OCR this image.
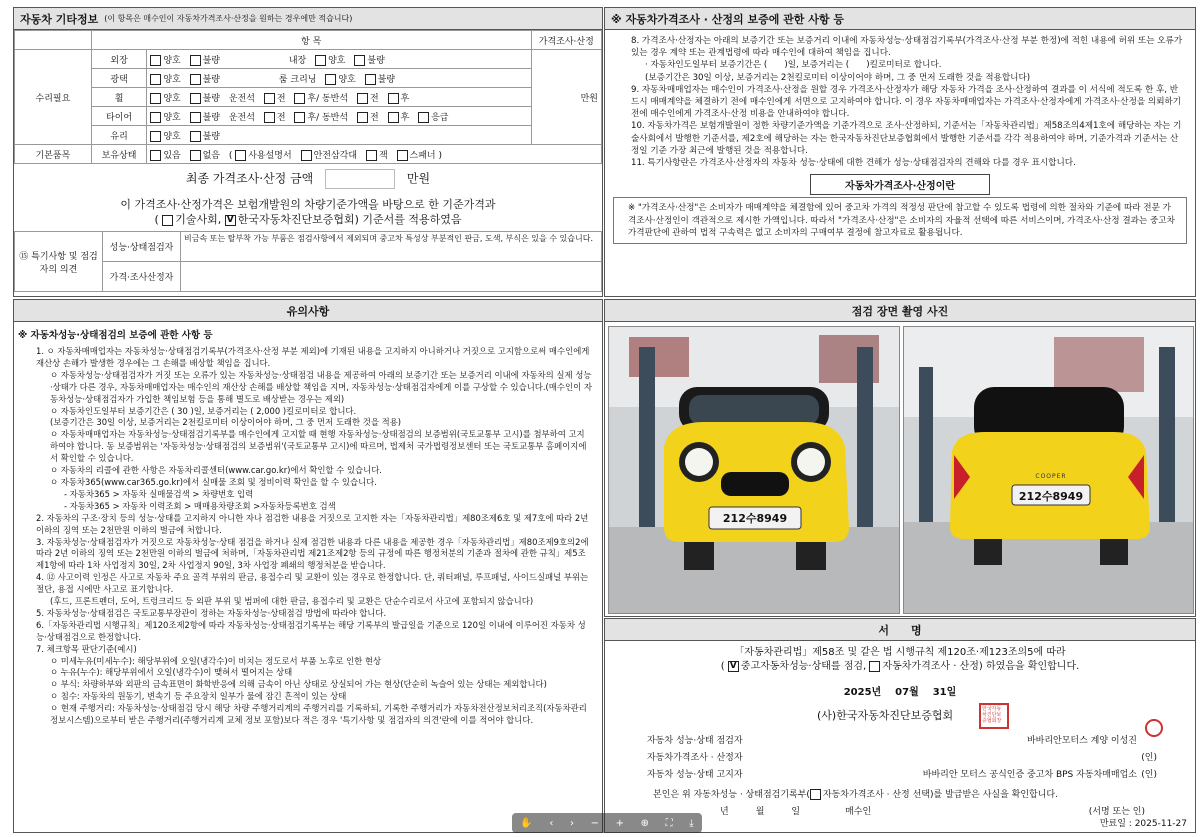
자동차 기타정보 (이 항목은 매수인이 자동차가격조사·산정을 원하는 경우에만 적습니다)
	항 목		가격조사·산정
수리필요	외장	양호 불량 내장 양호 불량	만원
	광택	양호 불량 룸 크리닝 양호 불량	
	휠	양호 불량 운전석 전 후/ 동반석 전 후	
	타이어	양호 불량 운전석 전 후/ 동반석 전 후 응급	
	유리	양호 불량	
기본품목	보유상태	있음 없음 ( 사용설명서 안전삼각대 잭 스패너 )	
최종 가격조사·산정 금액	만원
이 가격조사·산정가격은 보험개발원의 차량기준가액을 바탕으로 한 기준가격과
( 기술사회, V 한국자동차진단보증협회) 기준서를 적용하였음
⑮ 특기사항 및 점검자의 의견	성능·상태점검자	비금속 또는 탈부착 가능 부품은 점검사항에서 제외되며 중고차 특성상 부분적인 판금, 도색, 부식은 있을 수 있습니다.
	가격·조사산정자	
※ 자동차가격조사 · 산정의 보증에 관한 사항 등

8. 가격조사·산정자는 아래의 보증기간 또는 보증거리 이내에 자동차성능·상태점검기록부(가격조사·산정 부분 한정)에 적힌 내용에 허위 또는 오류가 있는 경우 계약 또는 관계법령에 따라 매수인에 대하여 책임을 집니다.

· 자동차인도일부터 보증기간은 (　　)일, 보증거리는 (　　)킬로미터로 합니다.

(보증기간은 30일 이상, 보증거리는 2천킬로미터 이상이어야 하며, 그 중 먼저 도래한 것을 적용합니다)

9. 자동차매매업자는 매수인이 가격조사·산정을 원할 경우 가격조사·산정자가 해당 자동차 가격을 조사·산정하여 결과를 이 서식에 적도록 한 후, 반드시 매매계약을 체결하기 전에 매수인에게 서면으로 고지하여야 합니다. 이 경우 자동차매매업자는 가격조사·산정자에게 가격조사·산정을 의뢰하기 전에 매수인에게 가격조사·산정 비용을 안내하여야 합니다.

10. 자동차가격은 보험개발원이 정한 차량기준가액을 기준가격으로 조사·산정하되, 기준서는「자동차관리법」제58조의4제1호에 해당하는 자는 기술사회에서 발행한 기준서를, 제2호에 해당하는 자는 한국자동차진단보증협회에서 발행한 기준서를 각각 적용하여야 하며, 기준가격과 기준서는 산정일 기준 가장 최근에 발행된 것을 적용합니다.

11. 특기사항란은 가격조사·산정자의 자동차 성능·상태에 대한 견해가 성능·상태점검자의 견해와 다를 경우 표시합니다.

자동차가격조사·산정이란
※ "가격조사·산정"은 소비자가 매매계약을 체결함에 있어 중고차 가격의 적정성 판단에 참고할 수 있도록 법령에 의한 절차와 기준에 따라 전문 가격조사·산정인이 객관적으로 제시한 가액입니다. 따라서 "가격조사·산정"은 소비자의 자율적 선택에 따른 서비스이며, 가격조사·산정 결과는 중고차 가격판단에 관하여 법적 구속력은 없고 소비자의 구매여부 결정에 참고자료로 활용됩니다.
유의사항
※ 자동차성능·상태점검의 보증에 관한 사항 등

1. ㅇ 자동차매매업자는 자동차성능·상태점검기록부(가격조사·산정 부분 제외)에 기재된 내용을 고지하지 아니하거나 거짓으로 고지함으로써 매수인에게 재산상 손해가 발생한 경우에는 그 손해를 배상할 책임을 집니다.

ㅇ 자동차성능·상태점검자가 거짓 또는 오류가 있는 자동차성능·상태점검 내용을 제공하여 아래의 보증기간 또는 보증거리 이내에 자동차의 실제 성능·상태가 다른 경우, 자동차매매업자는 매수인의 재산상 손해를 배상할 책임을 지며, 자동차성능·상태점검자에게 이를 구상할 수 있습니다.(매수인이 자동차성능·상태점검자가 가입한 책임보험 등을 통해 별도로 배상받는 경우는 제외)

ㅇ 자동차인도일부터 보증기간은 ( 30 )일, 보증거리는 ( 2,000 )킬로미터로 합니다.

(보증기간은 30일 이상, 보증거리는 2천킬로미터 이상이어야 하며, 그 중 먼저 도래한 것을 적용)

ㅇ 자동차매매업자는 자동차성능·상태점검기록부를 매수인에게 고지할 때 현행 자동차성능·상태점검의 보증범위(국토교통부 고시)를 첨부하여 고지하여야 합니다. 동 보증범위는 '자동차성능·상태점검의 보증범위'(국토교통부 고시)에 따르며, 법제처 국가법령정보센터 또는 국토교통부 홈페이지에서 확인할 수 있습니다.

ㅇ 자동차의 리콜에 관한 사항은 자동차리콜센터(www.car.go.kr)에서 확인할 수 있습니다.

ㅇ 자동차365(www.car365.go.kr)에서 실매물 조회 및 정비이력 확인을 할 수 있습니다.

- 자동차365 > 자동차 실매물검색 > 차량번호 입력

- 자동차365 > 자동차 이력조회 > 매매용차량조회 >자동차등록번호 검색

2. 자동차의 구조·장치 등의 성능·상태를 고지하지 아니한 자나 점검한 내용을 거짓으로 고지한 자는「자동차관리법」제80조제6호 및 제7호에 따라 2년 이하의 징역 또는 2천만원 이하의 벌금에 처합니다.

3. 자동차성능·상태점검자가 거짓으로 자동차성능·상태 점검을 하거나 실제 점검한 내용과 다른 내용을 제공한 경우「자동차관리법」제80조제9호의2에 따라 2년 이하의 징역 또는 2천만원 이하의 벌금에 처하며,「자동차관리법 제21조제2항 등의 규정에 따른 행정처분의 기준과 절차에 관한 규칙」제5조제1항에 따라 1차 사업정지 30일, 2차 사업정지 90일, 3차 사업장 폐쇄의 행정처분을 받습니다.

4. ⑫ 사고이력 인정은 사고로 자동차 주요 골격 부위의 판금, 용접수리 및 교환이 있는 경우로 한정합니다. 단, 쿼터패널, 루프패널, 사이드실패널 부위는 절단, 용접 시에만 사고로 표기합니다.

(후드, 프론트펜더, 도어, 트렁크리드 등 외판 부위 및 범퍼에 대한 판금, 용접수리 및 교환은 단순수리로서 사고에 포함되지 않습니다)

5. 자동차성능·상태점검은 국토교통부장관이 정하는 자동차성능·상태점검 방법에 따라야 합니다.

6.「자동차관리법 시행규칙」제120조제2항에 따라 자동차성능·상태점검기록부는 해당 기록부의 발급일을 기준으로 120일 이내에 이루어진 자동차 성능·상태점검으로 한정합니다.

7. 체크항목 판단기준(예시)

ㅇ 미세누유(미세누수): 해당부위에 오일(냉각수)이 비치는 정도로서 부품 노후로 인한 현상

ㅇ 누유(누수): 해당부위에서 오일(냉각수)이 맺혀서 떨어지는 상태

ㅇ 부식: 차량하부와 외판의 금속표면이 화학반응에 의해 금속이 아닌 상태로 상실되어 가는 현상(단순히 녹슬어 있는 상태는 제외합니다)

ㅇ 침수: 자동차의 원동기, 변속기 등 주요장치 일부가 물에 잠긴 흔적이 있는 상태

ㅇ 현재 주행거리: 자동차성능·상태점검 당시 해당 차량 주행거리계의 주행거리를 기록하되, 기록한 주행거리가 자동차전산정보처리조직(자동차관리정보시스템)으로부터 받은 주행거리(주행거리계 교체 정보 포함)보다 적은 경우 '특기사항 및 점검자의 의견'란에 이를 적어야 합니다.

점검 장면 촬영 사진
212수8949
COOPER
212수8949
서　　명
「자동차관리법」제58조 및 같은 법 시행규칙 제120조·제123조의5에 따라
( V 중고자동차성능·상태를 점검, 자동차가격조사 · 산정) 하였음을 확인합니다.
2025년 07월 31일
(사)한국자동차진단보증협회	한국자동차진단보증협회장
자동차 성능·상태 점검자	바바리안모터스 계양 이성진
자동차가격조사 · 산정자	(인)
자동차 성능·상태 고지자	바바리안 모터스 공식인증 중고차 BPS 자동차매매업소 (인)
본인은 위 자동차성능 · 상태점검기록부( 자동차가격조사 · 산정 선택)를 발급받은 사실을 확인합니다.
년　　　월　　　일　　　　　매수인	(서명 또는 인)
만료일 : 2025-11-27
✋ ‹ › − + ⊕ ⛶ ⤓
